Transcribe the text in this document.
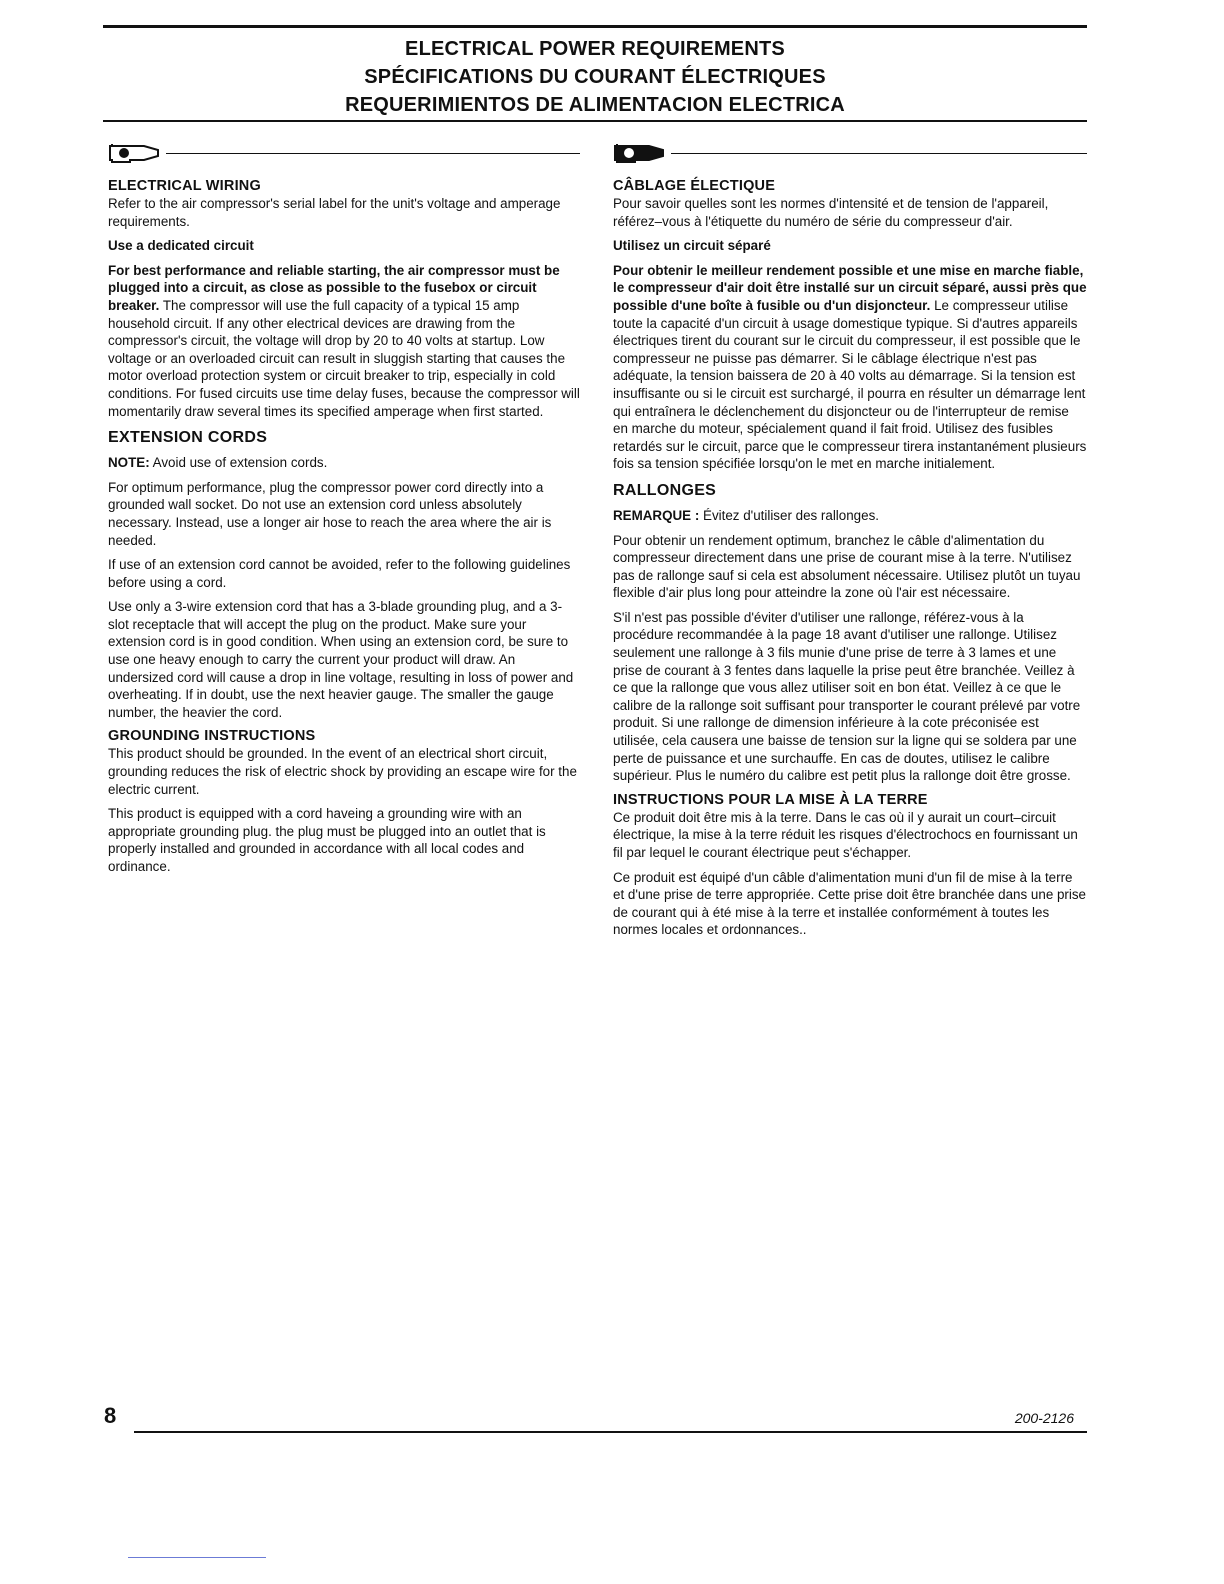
ELECTRICAL POWER REQUIREMENTS
SPÉCIFICATIONS DU COURANT ÉLECTRIQUES
REQUERIMIENTOS DE ALIMENTACION ELECTRICA
ELECTRICAL WIRING

Refer to the air compressor's serial label for the unit's voltage and amperage requirements.

Use a dedicated circuit

For best performance and reliable starting, the air compressor must be plugged into a circuit, as close as possible to the fusebox or circuit breaker. The compressor will use the full capacity of a typical 15 amp household circuit. If any other electrical devices are drawing from the compressor's circuit, the voltage will drop by 20 to 40 volts at startup. Low voltage or an overloaded circuit can result in sluggish starting that causes the motor overload protection system or circuit breaker to trip, especially in cold conditions. For fused circuits use time delay fuses, because the compressor will momentarily draw several times its specified amperage when first started.

EXTENSION CORDS

NOTE: Avoid use of extension cords.

For optimum performance, plug the compressor power cord directly into a grounded wall socket. Do not use an extension cord unless absolutely necessary. Instead, use a longer air hose to reach the area where the air is needed.

If use of an extension cord cannot be avoided, refer to the following guidelines before using a cord.

Use only a 3-wire extension cord that has a 3-blade grounding plug, and a 3-slot receptacle that will accept the plug on the product. Make sure your extension cord is in good condition. When using an extension cord, be sure to use one heavy enough to carry the current your product will draw. An undersized cord will cause a drop in line voltage, resulting in loss of power and overheating. If in doubt, use the next heavier gauge. The smaller the gauge number, the heavier the cord.

GROUNDING INSTRUCTIONS

This product should be grounded. In the event of an electrical short circuit, grounding reduces the risk of electric shock by providing an escape wire for the electric current.

This product is equipped with a cord haveing a grounding wire with an appropriate grounding plug. the plug must be plugged into an outlet that is properly installed and grounded in accordance with all local codes and ordinance.

CÂBLAGE ÉLECTIQUE

Pour savoir quelles sont les normes d'intensité et de tension de l'appareil, référez–vous à l'étiquette du numéro de série du compresseur d'air.

Utilisez un circuit séparé

Pour obtenir le meilleur rendement possible et une mise en marche fiable, le compresseur d'air doit être installé sur un circuit séparé, aussi près que possible d'une boîte à fusible ou d'un disjoncteur. Le compresseur utilise toute la capacité d'un circuit à usage domestique typique. Si d'autres appareils électriques tirent du courant sur le circuit du compresseur, il est possible que le compresseur ne puisse pas démarrer. Si le câblage électrique n'est pas adéquate, la tension baissera de 20 à 40 volts au démarrage. Si la tension est insuffisante ou si le circuit est surchargé, il pourra en résulter un démarrage lent qui entraînera le déclenchement du disjoncteur ou de l'interrupteur de remise en marche du moteur, spécialement quand il fait froid. Utilisez des fusibles retardés sur le circuit, parce que le compresseur tirera instantanément plusieurs fois sa tension spécifiée lorsqu'on le met en marche initialement.

RALLONGES

REMARQUE : Évitez d'utiliser des rallonges.

Pour obtenir un rendement optimum, branchez le câble d'alimentation du compresseur directement dans une prise de courant mise à la terre. N'utilisez pas de rallonge sauf si cela est absolument nécessaire. Utilisez plutôt un tuyau flexible d'air plus long pour atteindre la zone où l'air est nécessaire.

S'il n'est pas possible d'éviter d'utiliser une rallonge, référez-vous à la procédure recommandée à la page 18 avant d'utiliser une rallonge. Utilisez seulement une rallonge à 3 fils munie d'une prise de terre à 3 lames et une prise de courant à 3 fentes dans laquelle la prise peut être branchée. Veillez à ce que la rallonge que vous allez utiliser soit en bon état. Veillez à ce que le calibre de la rallonge soit suffisant pour transporter le courant prélevé par votre produit. Si une rallonge de dimension inférieure à la cote préconisée est utilisée, cela causera une baisse de tension sur la ligne qui se soldera par une perte de puissance et une surchauffe. En cas de doutes, utilisez le calibre supérieur. Plus le numéro du calibre est petit plus la rallonge doit être grosse.

INSTRUCTIONS POUR LA MISE À LA TERRE

Ce produit doit être mis à la terre. Dans le cas où il y aurait un court–circuit électrique, la mise à la terre réduit les risques d'électrochocs en fournissant un fil par lequel le courant électrique peut s'échapper.

Ce produit est équipé d'un câble d'alimentation muni d'un fil de mise à la terre et d'une prise de terre appropriée. Cette prise doit être branchée dans une prise de courant qui à été mise à la terre et installée conformément à toutes les normes locales et ordonnances..

8	200-2126
